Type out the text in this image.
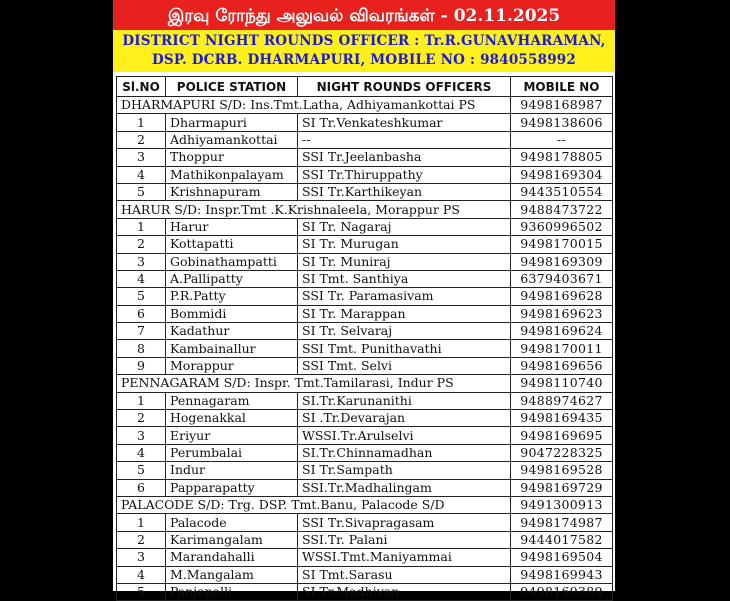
இரவு ரோந்து அலுவல் விவரங்கள் - 02.11.2025
DISTRICT NIGHT ROUNDS OFFICER : Tr.R.GUNAVHARAMAN,
DSP. DCRB. DHARMAPURI, MOBILE NO : 9840558992
Sl.NO	POLICE STATION	NIGHT ROUNDS OFFICERS	MOBILE NO
DHARMAPURI S/D: Ins.Tmt.Latha, Adhiyamankottai PS			9498168987
1	Dharmapuri	SI Tr.Venkateshkumar	9498138606
2	Adhiyamankottai	--	--
3	Thoppur	SSI Tr.Jeelanbasha	9498178805
4	Mathikonpalayam	SSI Tr.Thiruppathy	9498169304
5	Krishnapuram	SSI Tr.Karthikeyan	9443510554
HARUR S/D: Inspr.Tmt .K.Krishnaleela, Morappur PS			9488473722
1	Harur	SI Tr. Nagaraj	9360996502
2	Kottapatti	SI Tr. Murugan	9498170015
3	Gobinathampatti	SI Tr. Muniraj	9498169309
4	A.Pallipatty	SI Tmt. Santhiya	6379403671
5	P.R.Patty	SSI Tr. Paramasivam	9498169628
6	Bommidi	SI Tr. Marappan	9498169623
7	Kadathur	SI Tr. Selvaraj	9498169624
8	Kambainallur	SSI Tmt. Punithavathi	9498170011
9	Morappur	SSI Tmt. Selvi	9498169656
PENNAGARAM S/D: Inspr. Tmt.Tamilarasi, Indur PS			9498110740
1	Pennagaram	SI.Tr.Karunanithi	9488974627
2	Hogenakkal	SI .Tr.Devarajan	9498169435
3	Eriyur	WSSI.Tr.Arulselvi	9498169695
4	Perumbalai	SI.Tr.Chinnamadhan	9047228325
5	Indur	SI Tr.Sampath	9498169528
6	Papparapatty	SSI.Tr.Madhalingam	9498169729
PALACODE S/D: Trg. DSP. Tmt.Banu, Palacode S/D			9491300913
1	Palacode	SSI Tr.Sivapragasam	9498174987
2	Karimangalam	SSI.Tr. Palani	9444017582
3	Marandahalli	WSSI.Tmt.Maniyammai	9498169504
4	M.Mangalam	SI Tmt.Sarasu	9498169943
5	Panjapalli	SI Tr.Madhivan	9498169389
